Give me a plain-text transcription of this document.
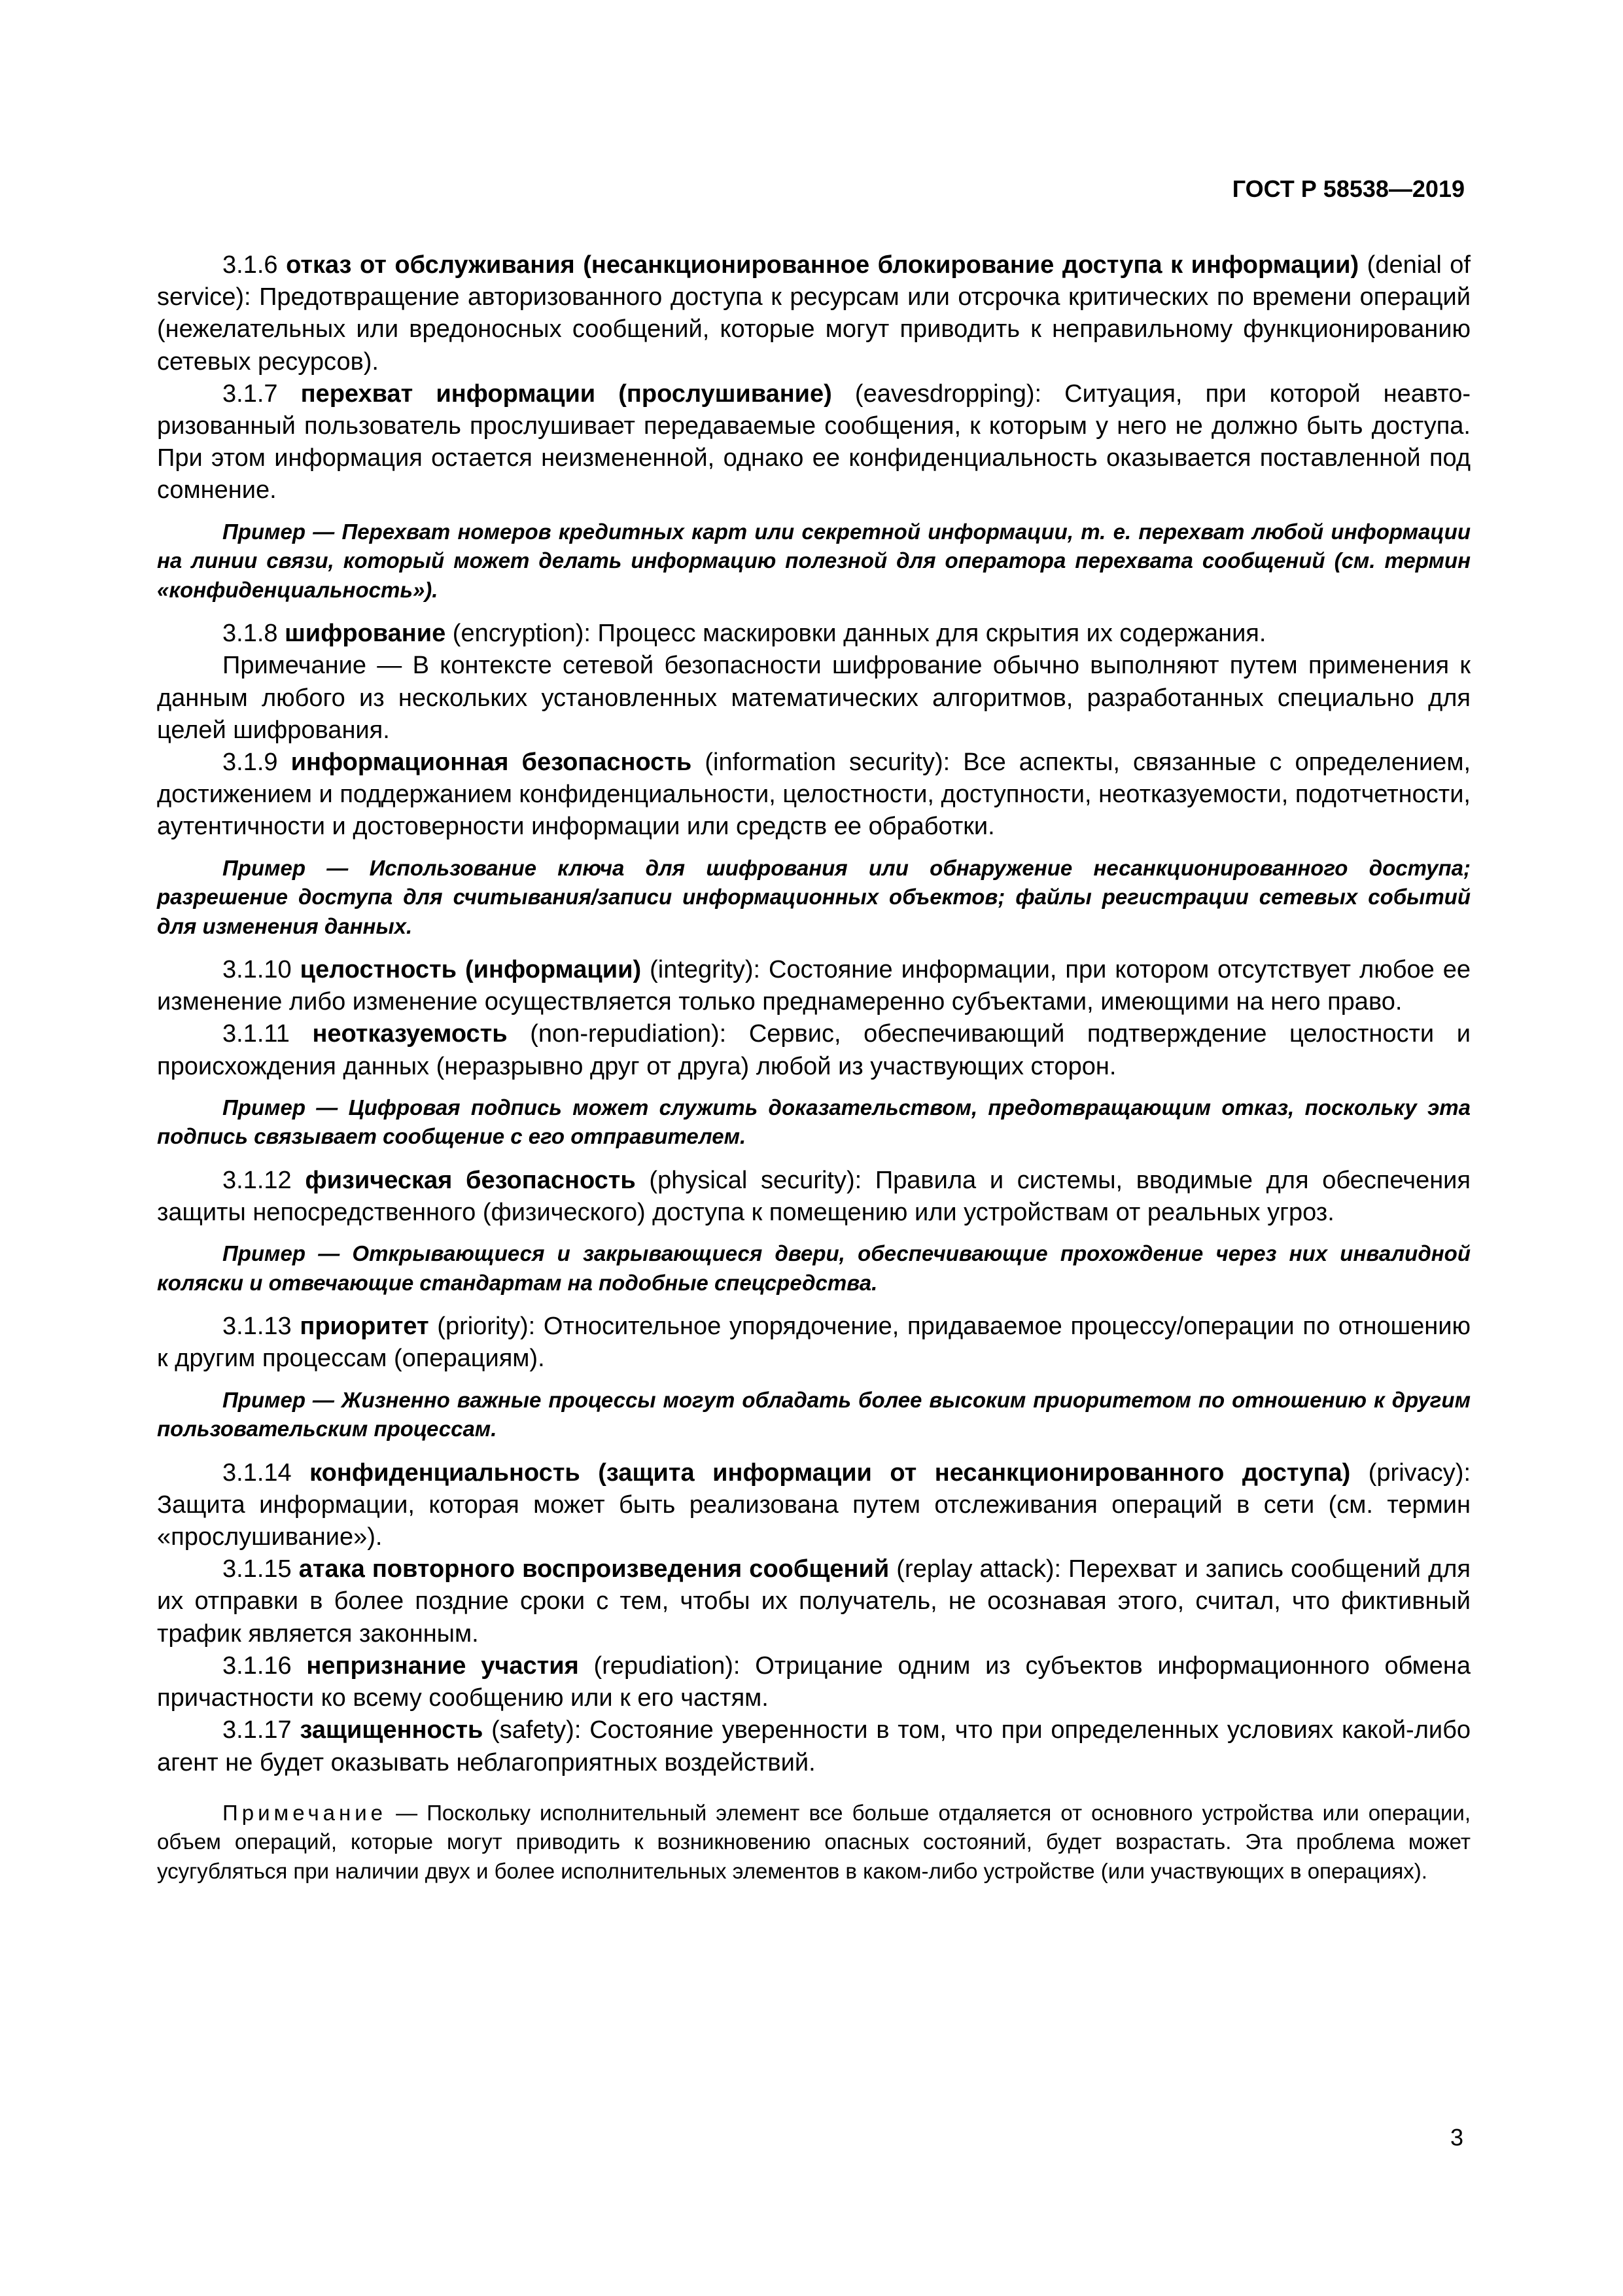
ГОСТ Р 58538—2019

3.1.6 отказ от обслуживания (несанкционированное блокирование доступа к информации) (denial of service): Предотвращение авторизованного доступа к ресурсам или отсрочка критических по времени операций (нежелательных или вредоносных сообщений, которые могут приводить к неправильному функционированию сетевых ресурсов).

3.1.7 перехват информации (прослушивание) (eavesdropping): Ситуация, при которой неавторизованный пользователь прослушивает передаваемые сообщения, к которым у него не должно быть доступа. При этом информация остается неизмененной, однако ее конфиденциальность оказывается поставленной под сомнение.

Пример — Перехват номеров кредитных карт или секретной информации, т. е. перехват любой информации на линии связи, который может делать информацию полезной для оператора перехвата сообщений (см. термин «конфиденциальность»).

3.1.8 шифрование (encryption): Процесс маскировки данных для скрытия их содержания.

Примечание — В контексте сетевой безопасности шифрование обычно выполняют путем применения к данным любого из нескольких установленных математических алгоритмов, разработанных специально для целей шифрования.

3.1.9 информационная безопасность (information security): Все аспекты, связанные с определением, достижением и поддержанием конфиденциальности, целостности, доступности, неотказуемости, подотчетности, аутентичности и достоверности информации или средств ее обработки.

Пример — Использование ключа для шифрования или обнаружение несанкционированного доступа; разрешение доступа для считывания/записи информационных объектов; файлы регистрации сетевых событий для изменения данных.

3.1.10 целостность (информации) (integrity): Состояние информации, при котором отсутствует любое ее изменение либо изменение осуществляется только преднамеренно субъектами, имеющими на него право.

3.1.11 неотказуемость (non-repudiation): Сервис, обеспечивающий подтверждение целостности и происхождения данных (неразрывно друг от друга) любой из участвующих сторон.

Пример — Цифровая подпись может служить доказательством, предотвращающим отказ, поскольку эта подпись связывает сообщение с его отправителем.

3.1.12 физическая безопасность (physical security): Правила и системы, вводимые для обеспечения защиты непосредственного (физического) доступа к помещению или устройствам от реальных угроз.

Пример — Открывающиеся и закрывающиеся двери, обеспечивающие прохождение через них инвалидной коляски и отвечающие стандартам на подобные спецсредства.

3.1.13 приоритет (priority): Относительное упорядочение, придаваемое процессу/операции по отношению к другим процессам (операциям).

Пример — Жизненно важные процессы могут обладать более высоким приоритетом по отношению к другим пользовательским процессам.

3.1.14 конфиденциальность (защита информации от несанкционированного доступа) (privacy): Защита информации, которая может быть реализована путем отслеживания операций в сети (см. термин «прослушивание»).

3.1.15 атака повторного воспроизведения сообщений (replay attack): Перехват и запись сообщений для их отправки в более поздние сроки с тем, чтобы их получатель, не осознавая этого, считал, что фиктивный трафик является законным.

3.1.16 непризнание участия (repudiation): Отрицание одним из субъектов информационного обмена причастности ко всему сообщению или к его частям.

3.1.17 защищенность (safety): Состояние уверенности в том, что при определенных условиях какой-либо агент не будет оказывать неблагоприятных воздействий.

Примечание — Поскольку исполнительный элемент все больше отдаляется от основного устройства или операции, объем операций, которые могут приводить к возникновению опасных состояний, будет возрастать. Эта проблема может усугубляться при наличии двух и более исполнительных элементов в каком-либо устройстве (или участвующих в операциях).

3
